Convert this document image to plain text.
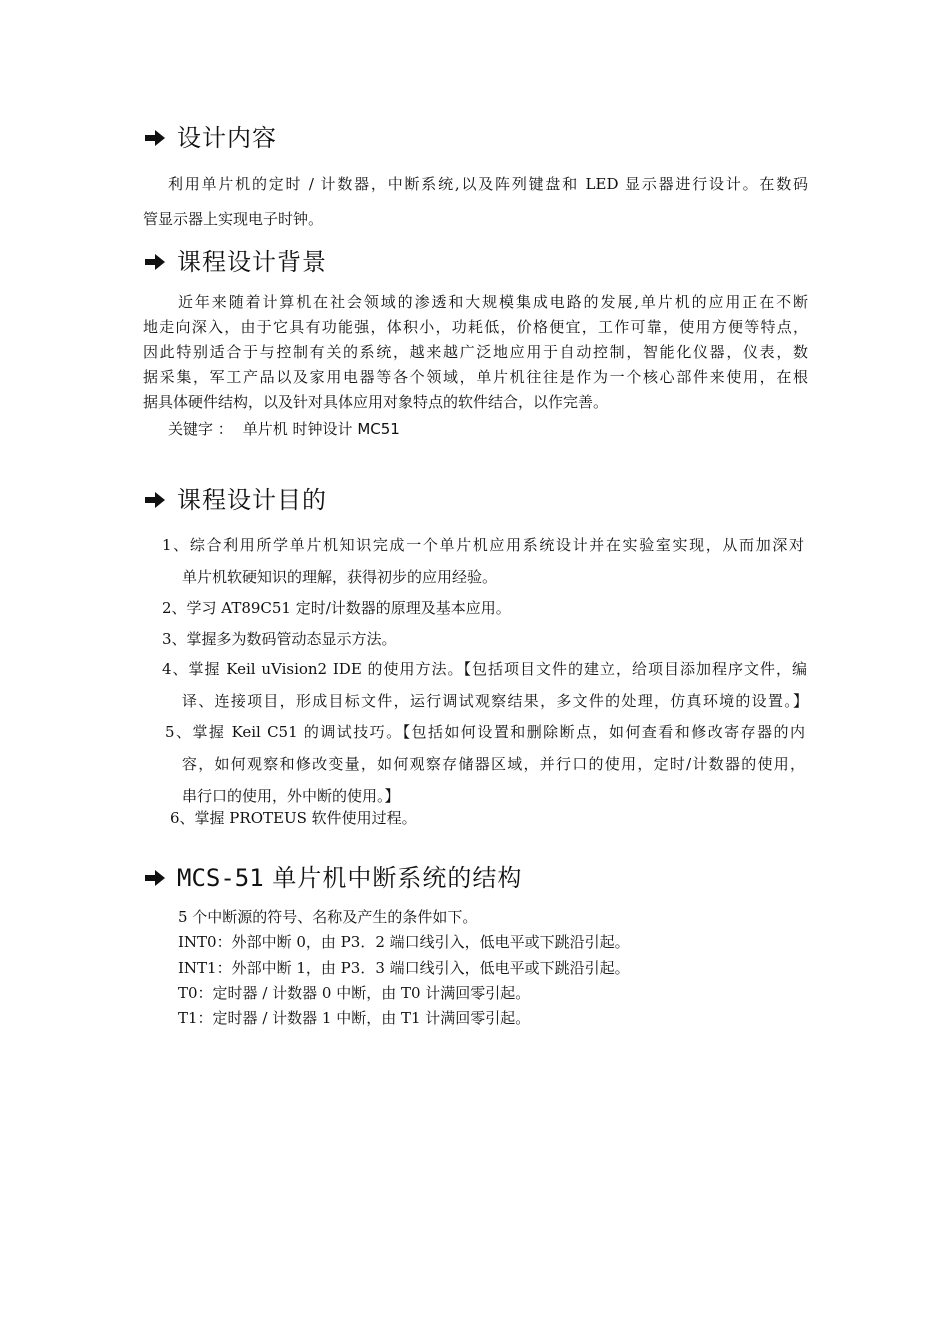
设计内容
利用单片机的定时 / 计数器，中断系统,以及阵列键盘和 LED 显示器进行设计。在数码
管显示器上实现电子时钟。
课程设计背景
近年来随着计算机在社会领域的渗透和大规模集成电路的发展,单片机的应用正在不断
地走向深入，由于它具有功能强，体积小，功耗低，价格便宜，工作可靠，使用方便等特点，
因此特别适合于与控制有关的系统，越来越广泛地应用于自动控制，智能化仪器，仪表，数
据采集，军工产品以及家用电器等各个领域，单片机往往是作为一个核心部件来使用，在根
据具体硬件结构，以及针对具体应用对象特点的软件结合，以作完善。
关键字 ： 单片机 时钟设计 MC51
课程设计目的
1、综合利用所学单片机知识完成一个单片机应用系统设计并在实验室实现，从而加深对
单片机软硬知识的理解，获得初步的应用经验。
2、学习 AT89C51 定时/计数器的原理及基本应用。
3、掌握多为数码管动态显示方法。
4、掌握 Keil uVision2 IDE 的使用方法。【包括项目文件的建立，给项目添加程序文件，编
译、连接项目，形成目标文件，运行调试观察结果，多文件的处理，仿真环境的设置。】
5、掌握 Keil C51 的调试技巧。【包括如何设置和删除断点，如何查看和修改寄存器的内
容，如何观察和修改变量，如何观察存储器区域，并行口的使用，定时/计数器的使用，
串行口的使用，外中断的使用。】
6、掌握 PROTEUS 软件使用过程。
MCS-51 单片机中断系统的结构
5 个中断源的符号、名称及产生的条件如下。
INT0：外部中断 0，由 P3．2 端口线引入，低电平或下跳沿引起。
INT1：外部中断 1，由 P3．3 端口线引入，低电平或下跳沿引起。
T0：定时器 / 计数器 0 中断，由 T0 计满回零引起。
T1：定时器 / 计数器 1 中断，由 T1 计满回零引起。
